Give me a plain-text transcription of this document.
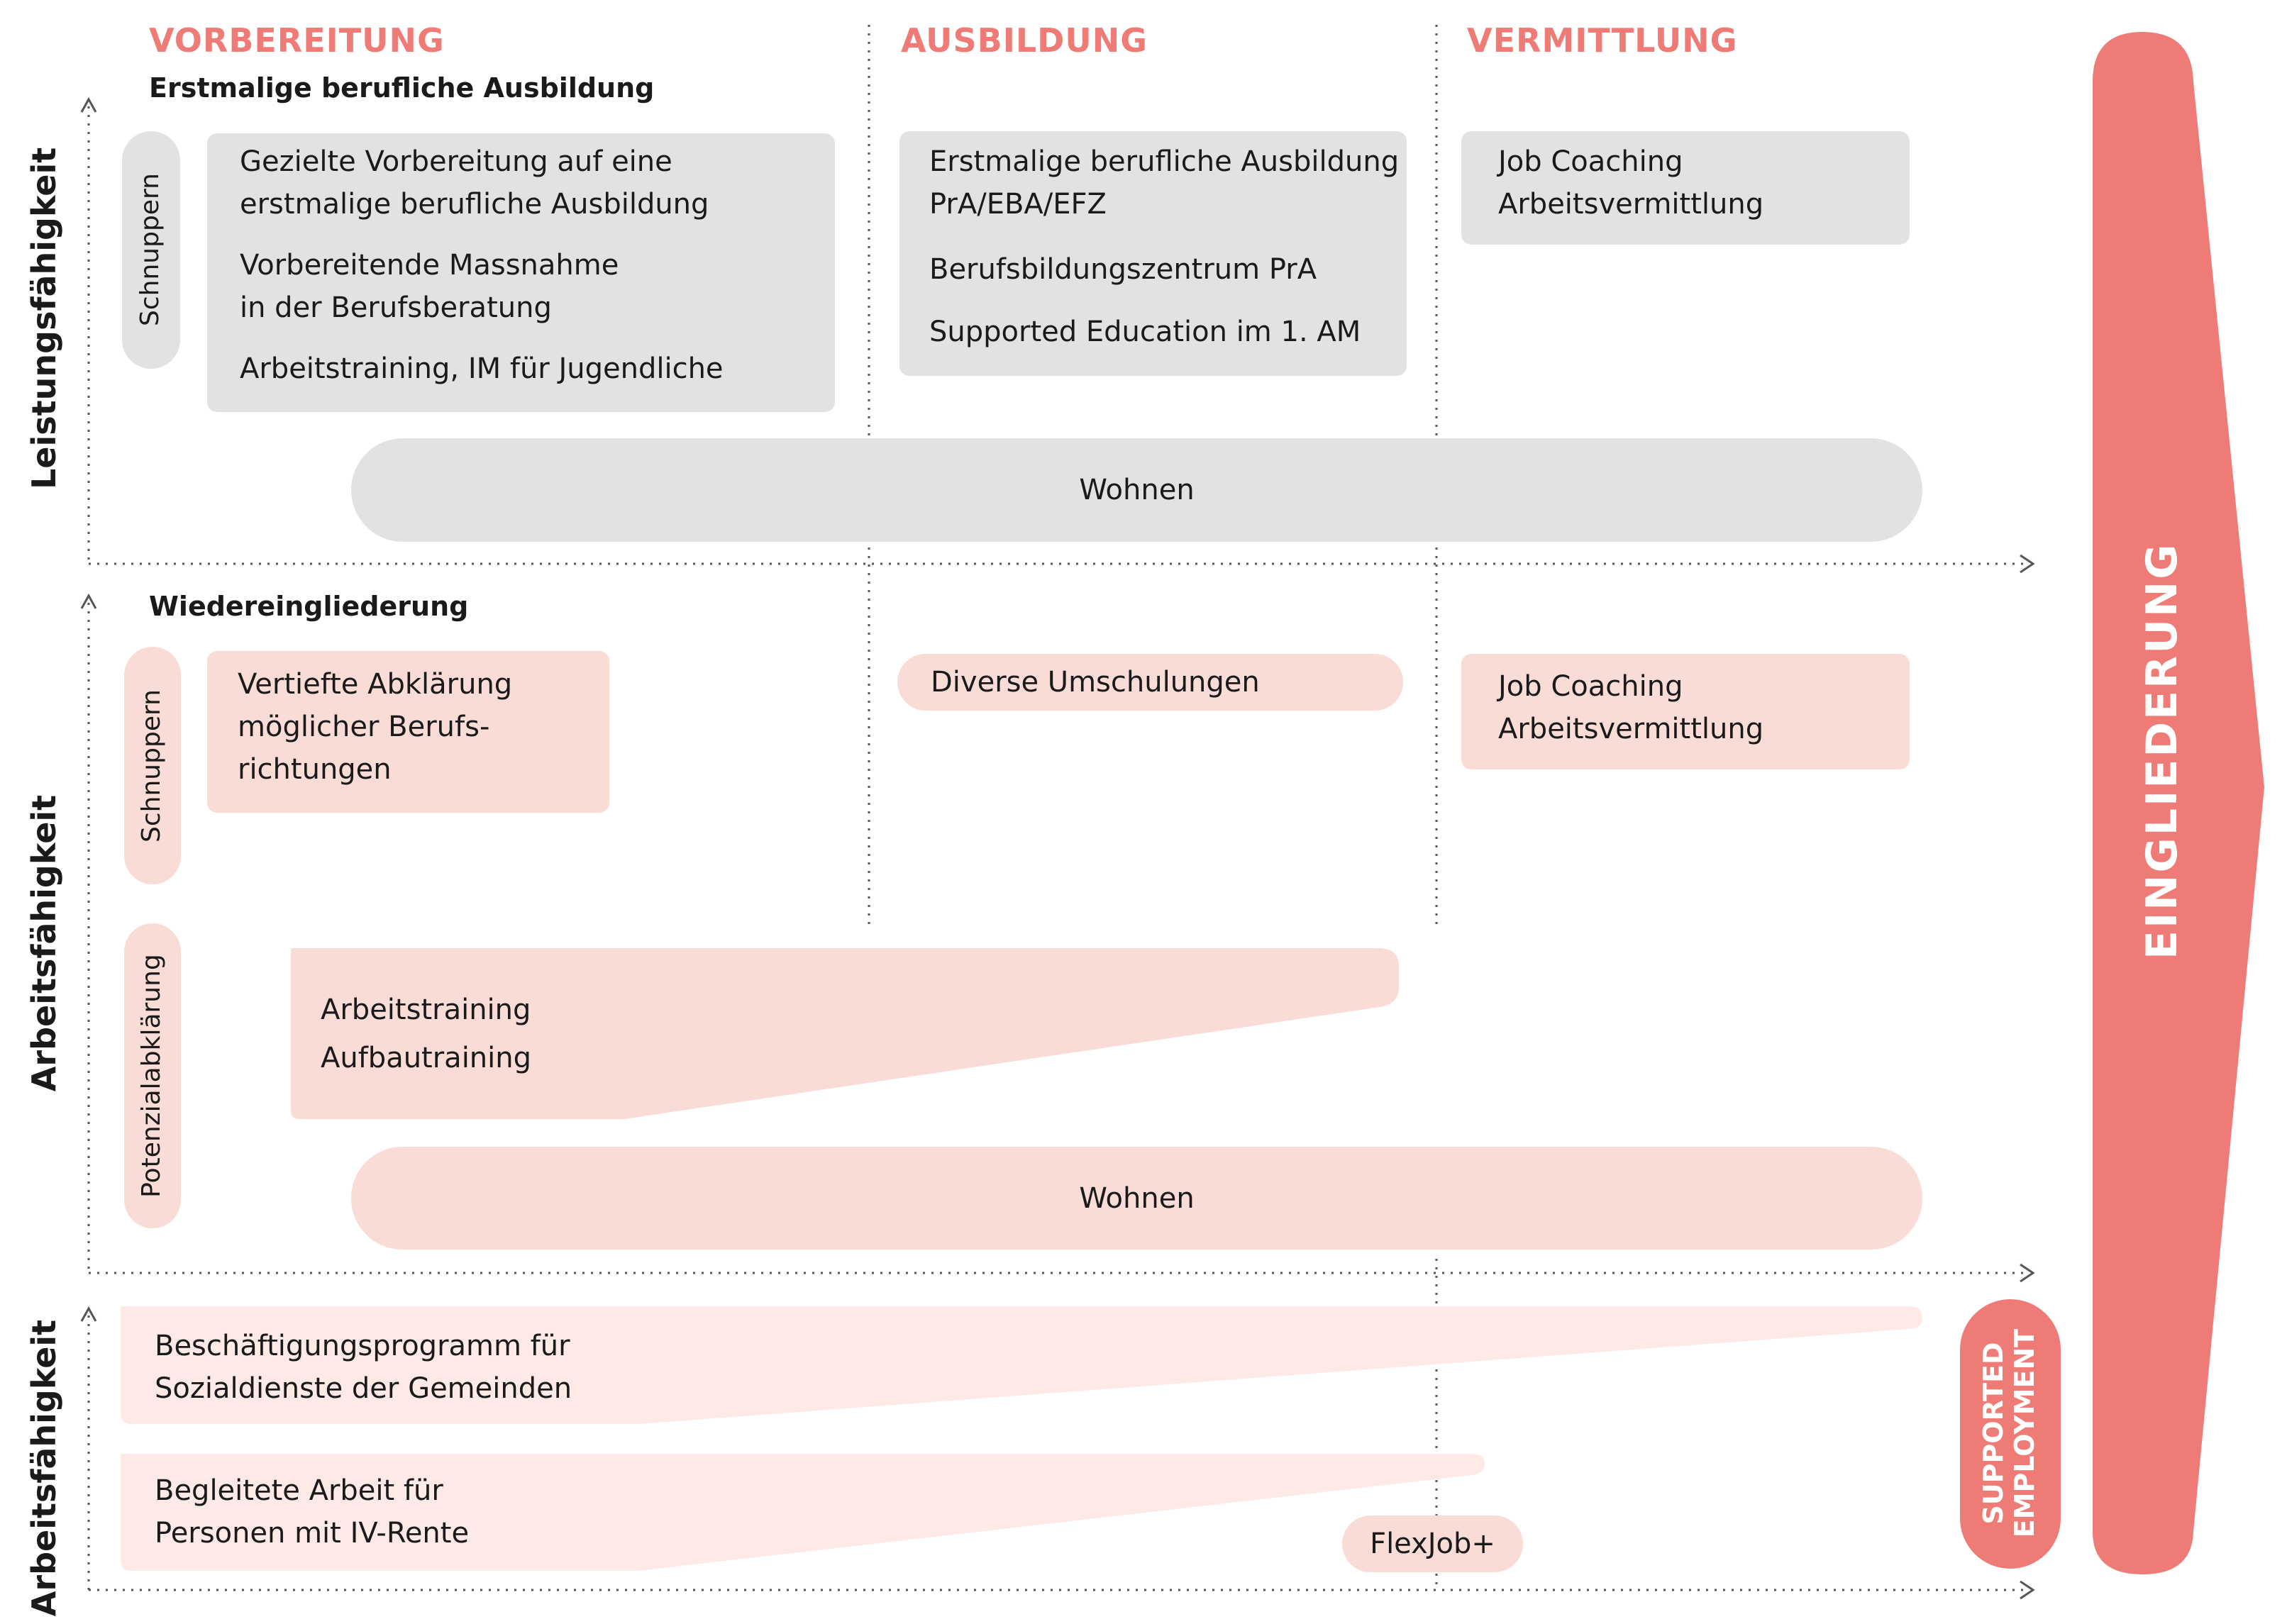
VORBEREITUNG	AUSBILDUNG	VERMITTLUNG
Erstmalige berufliche Ausbildung
Wiedereingliederung
Leistungsfähigkeit
Arbeitsfähigkeit
Arbeitsfähigkeit
Schnuppern
Gezielte Vorbereitung auf eine
erstmalige berufliche Ausbildung
Vorbereitende Massnahme
in der Berufsberatung
Arbeitstraining, IM für Jugendliche
Erstmalige berufliche Ausbildung
PrA/EBA/EFZ
Berufsbildungszentrum PrA
Supported Education im 1. AM
Job Coaching
Arbeitsvermittlung
Wohnen
Schnuppern
Potenzialabklärung
Vertiefte Abklärung
möglicher Berufs-
richtungen
Diverse Umschulungen	Job Coaching
Arbeitsvermittlung
Arbeitstraining
Aufbautraining
Wohnen
Beschäftigungsprogramm für
Sozialdienste der Gemeinden
Begleitete Arbeit für
Personen mit IV-Rente	FlexJob+
SUPPORTED EMPLOYMENT
EINGLIEDERUNG
